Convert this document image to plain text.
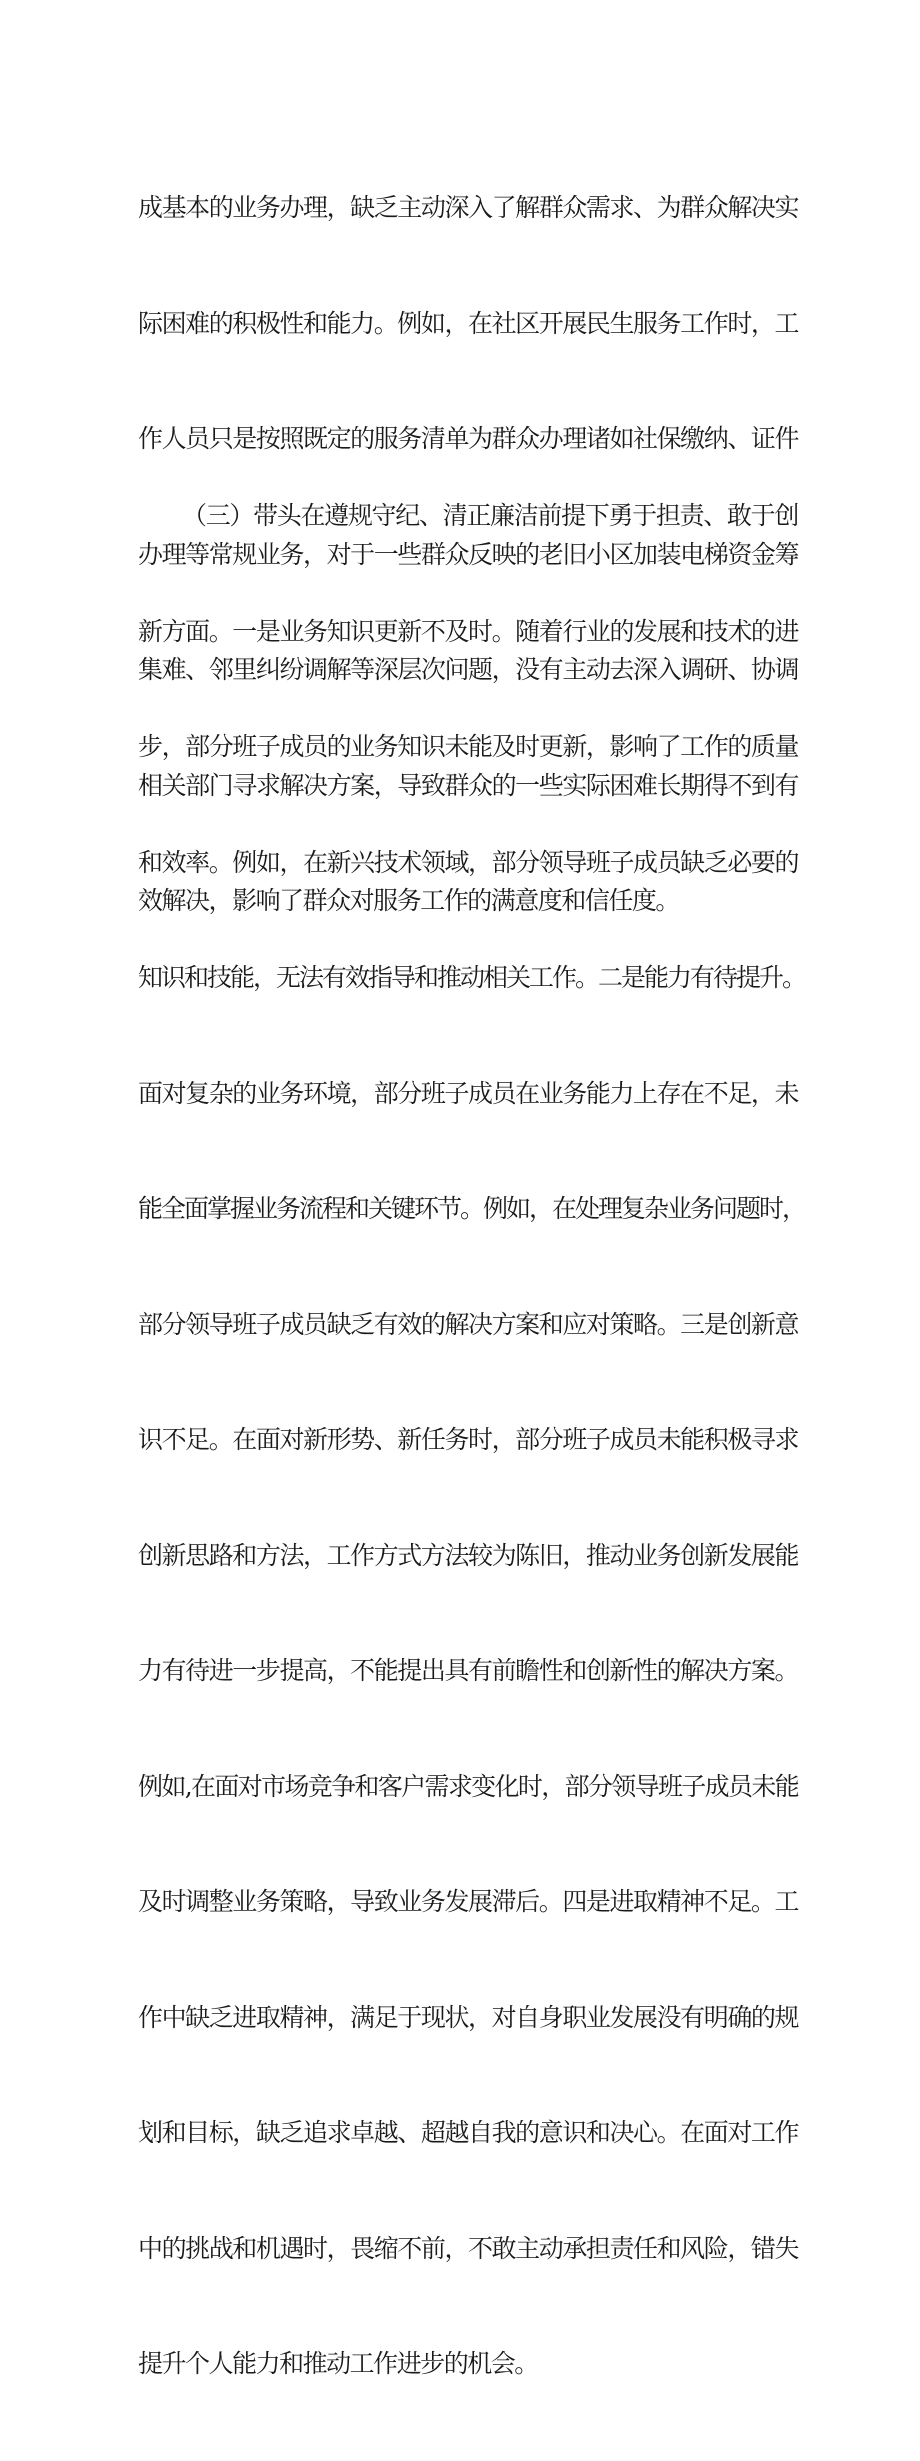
成基本的业务办理，缺乏主动深入了解群众需求、为群众解决实

际困难的积极性和能力。例如，在社区开展民生服务工作时，工

作人员只是按照既定的服务清单为群众办理诸如社保缴纳、证件

办理等常规业务，对于一些群众反映的老旧小区加装电梯资金筹

集难、邻里纠纷调解等深层次问题，没有主动去深入调研、协调

相关部门寻求解决方案，导致群众的一些实际困难长期得不到有

效解决，影响了群众对服务工作的满意度和信任度。

（三）带头在遵规守纪、清正廉洁前提下勇于担责、敢于创

新方面。一是业务知识更新不及时。随着行业的发展和技术的进

步，部分班子成员的业务知识未能及时更新，影响了工作的质量

和效率。例如，在新兴技术领域，部分领导班子成员缺乏必要的

知识和技能，无法有效指导和推动相关工作。二是能力有待提升。

面对复杂的业务环境，部分班子成员在业务能力上存在不足，未

能全面掌握业务流程和关键环节。例如，在处理复杂业务问题时，

部分领导班子成员缺乏有效的解决方案和应对策略。三是创新意

识不足。在面对新形势、新任务时，部分班子成员未能积极寻求

创新思路和方法，工作方式方法较为陈旧，推动业务创新发展能

力有待进一步提高，不能提出具有前瞻性和创新性的解决方案。

例如,在面对市场竞争和客户需求变化时，部分领导班子成员未能

及时调整业务策略，导致业务发展滞后。四是进取精神不足。工

作中缺乏进取精神，满足于现状，对自身职业发展没有明确的规

划和目标，缺乏追求卓越、超越自我的意识和决心。在面对工作

中的挑战和机遇时，畏缩不前，不敢主动承担责任和风险，错失

提升个人能力和推动工作进步的机会。
